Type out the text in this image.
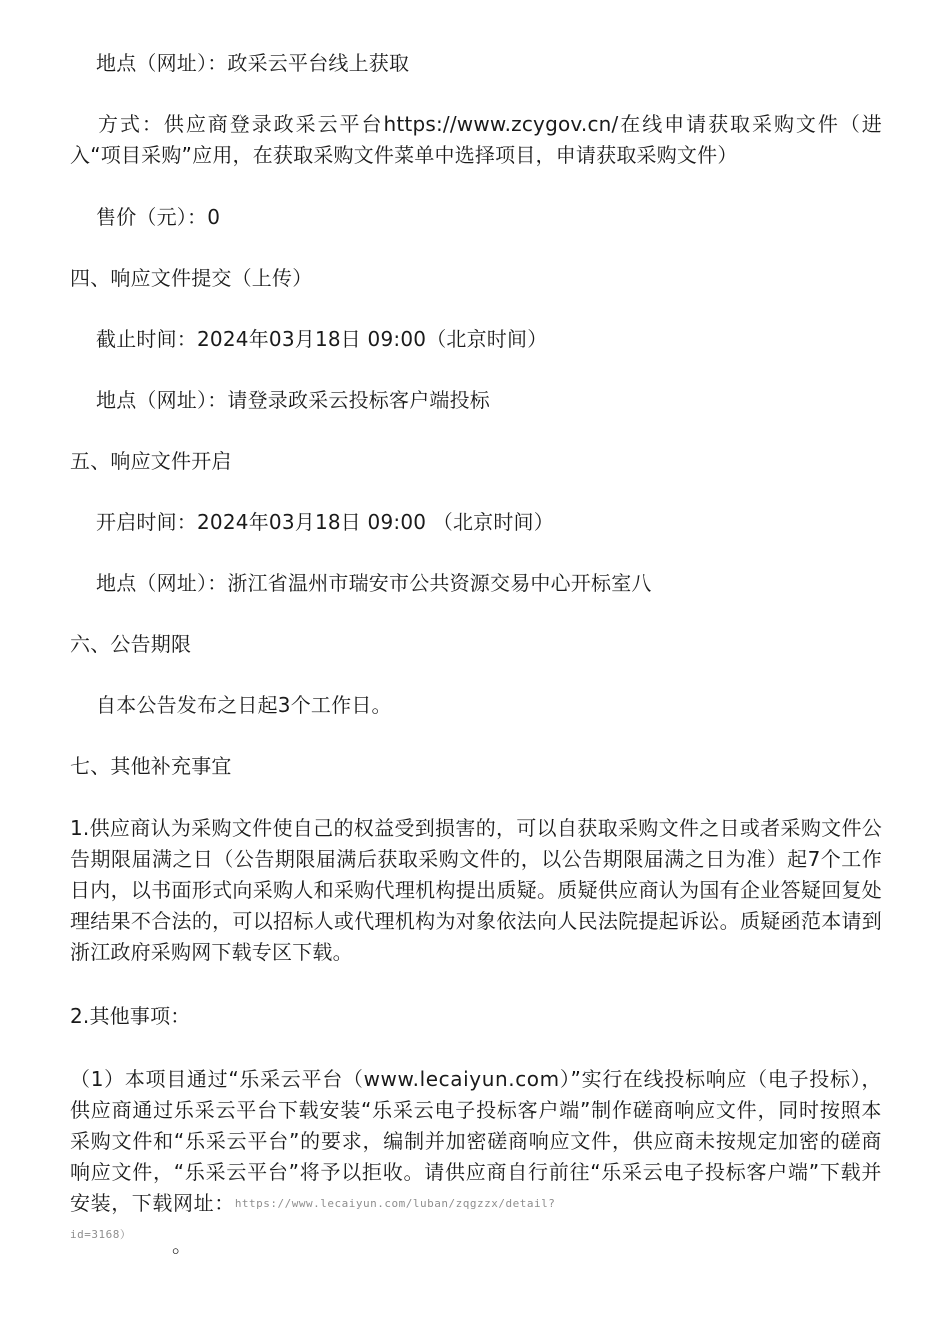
地点（网址）：政采云平台线上获取
方式：供应商登录政采云平台https://www.zcygov.cn/在线申请获取采购文件（进入“项目采购”应用，在获取采购文件菜单中选择项目，申请获取采购文件）
售价（元）：0
四、响应文件提交（上传）
截止时间：2024年03月18日 09:00（北京时间）
地点（网址）：请登录政采云投标客户端投标
五、响应文件开启
开启时间：2024年03月18日 09:00 （北京时间）
地点（网址）：浙江省温州市瑞安市公共资源交易中心开标室八
六、公告期限
自本公告发布之日起3个工作日。
七、其他补充事宜
1.供应商认为采购文件使自己的权益受到损害的，可以自获取采购文件之日或者采购文件公告期限届满之日（公告期限届满后获取采购文件的，以公告期限届满之日为准）起7个工作日内，以书面形式向采购人和采购代理机构提出质疑。质疑供应商认为国有企业答疑回复处理结果不合法的，可以招标人或代理机构为对象依法向人民法院提起诉讼。质疑函范本请到浙江政府采购网下载专区下载。
2.其他事项：
（1）本项目通过“乐采云平台（www.lecaiyun.com）”实行在线投标响应（电子投标），供应商通过乐采云平台下载安装“乐采云电子投标客户端”制作磋商响应文件，同时按照本采购文件和“乐采云平台”的要求，编制并加密磋商响应文件，供应商未按规定加密的磋商响应文件，“乐采云平台”将予以拒收。请供应商自行前往“乐采云电子投标客户端”下载并安装，下载网址：$^{https://www.lecaiyun.com/luban/zqgzzx/detail?}$
id=3168） 。
